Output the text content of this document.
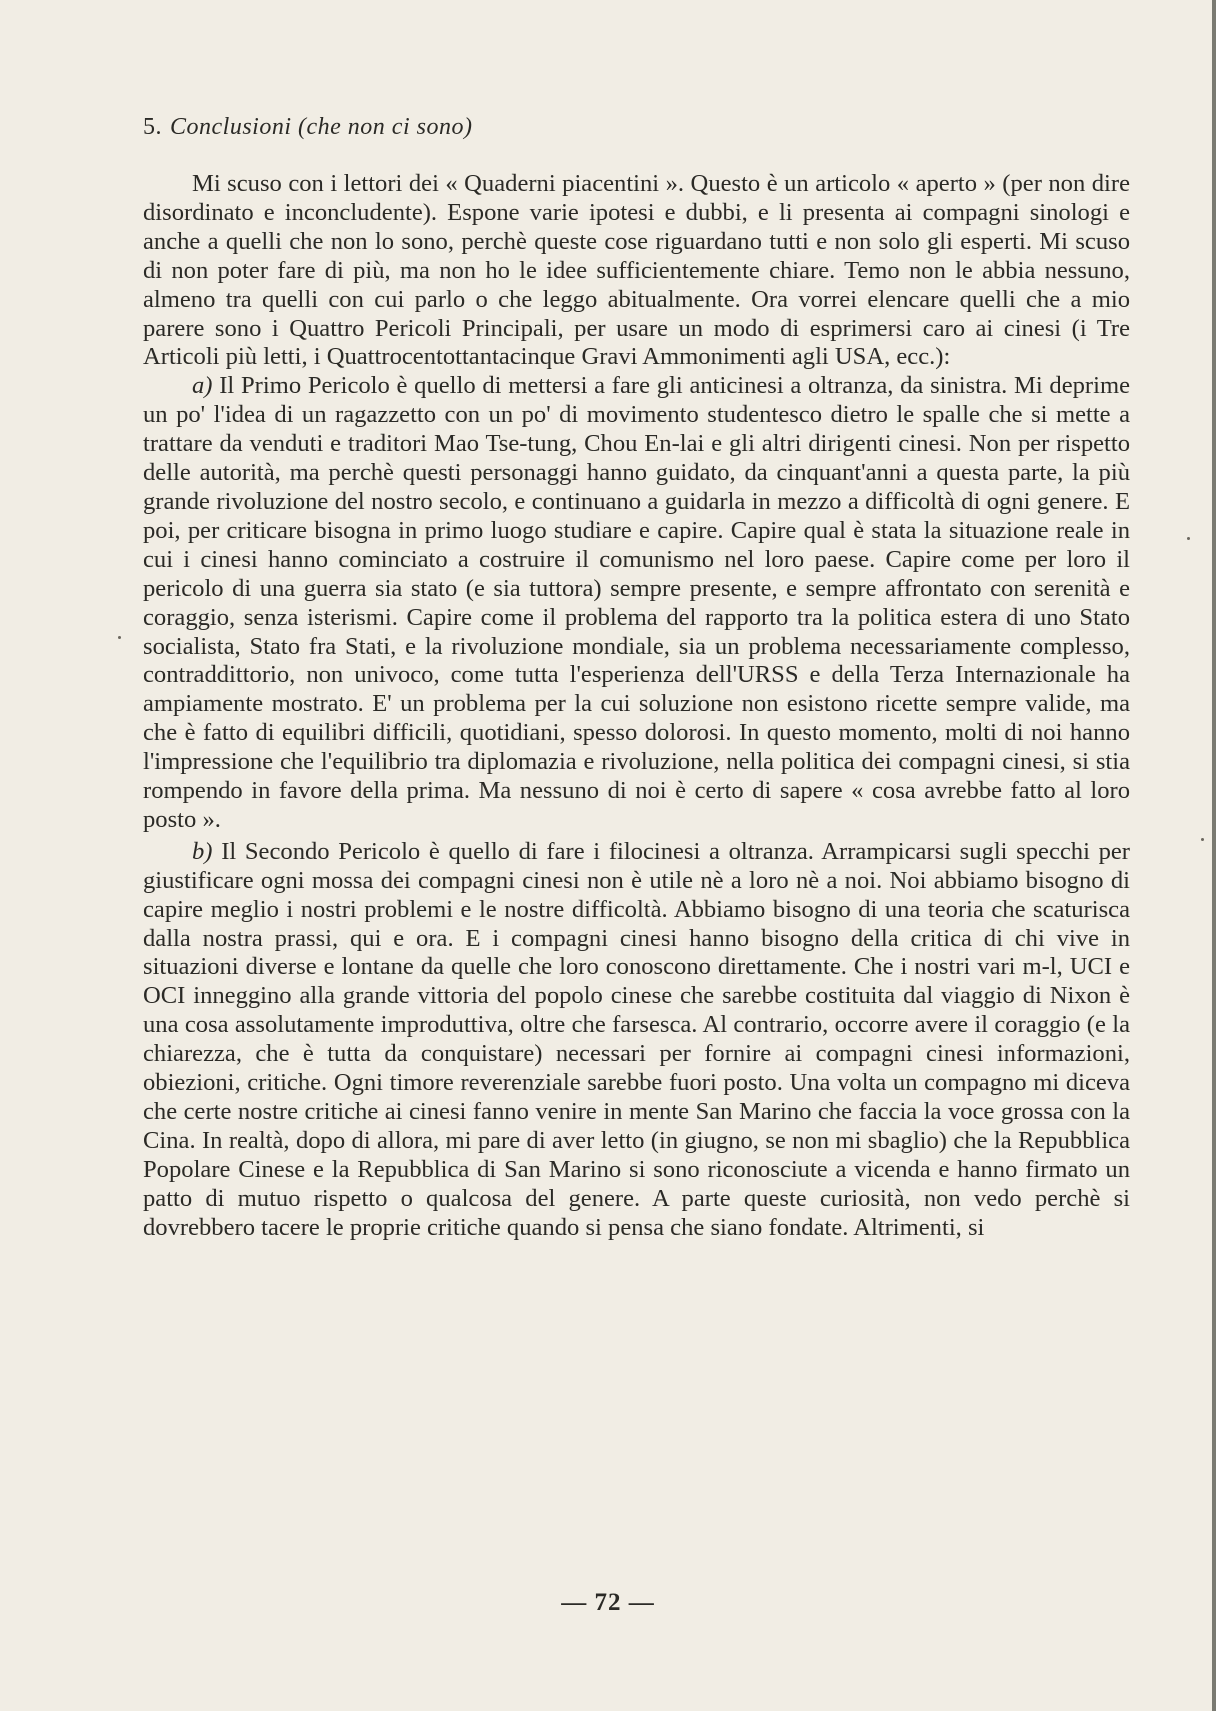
5. Conclusioni (che non ci sono)

Mi scuso con i lettori dei « Quaderni piacentini ». Questo è un articolo « aperto » (per non dire disordinato e inconcludente). Espone varie ipotesi e dubbi, e li presenta ai compagni sinologi e anche a quelli che non lo sono, perchè queste cose riguardano tutti e non solo gli esperti. Mi scuso di non poter fare di più, ma non ho le idee sufficientemente chiare. Temo non le abbia nessuno, almeno tra quelli con cui parlo o che leggo abitualmente. Ora vorrei elencare quelli che a mio parere sono i Quattro Pericoli Principali, per usare un modo di esprimersi caro ai cinesi (i Tre Articoli più letti, i Quattrocentottantacinque Gravi Ammonimenti agli USA, ecc.):

a) Il Primo Pericolo è quello di mettersi a fare gli anticinesi a oltranza, da sinistra. Mi deprime un po' l'idea di un ragazzetto con un po' di movimento studentesco dietro le spalle che si mette a trattare da venduti e traditori Mao Tse-tung, Chou En-lai e gli altri dirigenti cinesi. Non per rispetto delle autorità, ma perchè questi personaggi hanno guidato, da cinquant'anni a questa parte, la più grande rivoluzione del nostro secolo, e continuano a guidarla in mezzo a difficoltà di ogni genere. E poi, per criticare bisogna in primo luogo studiare e capire. Capire qual è stata la situazione reale in cui i cinesi hanno cominciato a costruire il comunismo nel loro paese. Capire come per loro il pericolo di una guerra sia stato (e sia tuttora) sempre presente, e sempre affrontato con serenità e coraggio, senza isterismi. Capire come il problema del rapporto tra la politica estera di uno Stato socialista, Stato fra Stati, e la rivoluzione mondiale, sia un problema necessariamente complesso, contraddittorio, non univoco, come tutta l'esperienza dell'URSS e della Terza Internazionale ha ampiamente mostrato. E' un problema per la cui soluzione non esistono ricette sempre valide, ma che è fatto di equilibri difficili, quotidiani, spesso dolorosi. In questo momento, molti di noi hanno l'impressione che l'equilibrio tra diplomazia e rivoluzione, nella politica dei compagni cinesi, si stia rompendo in favore della prima. Ma nessuno di noi è certo di sapere « cosa avrebbe fatto al loro posto ».

b) Il Secondo Pericolo è quello di fare i filocinesi a oltranza. Arrampicarsi sugli specchi per giustificare ogni mossa dei compagni cinesi non è utile nè a loro nè a noi. Noi abbiamo bisogno di capire meglio i nostri problemi e le nostre difficoltà. Abbiamo bisogno di una teoria che scaturisca dalla nostra prassi, qui e ora. E i compagni cinesi hanno bisogno della critica di chi vive in situazioni diverse e lontane da quelle che loro conoscono direttamente. Che i nostri vari m-l, UCI e OCI inneggino alla grande vittoria del popolo cinese che sarebbe costituita dal viaggio di Nixon è una cosa assolutamente improduttiva, oltre che farsesca. Al contrario, occorre avere il coraggio (e la chiarezza, che è tutta da conquistare) necessari per fornire ai compagni cinesi informazioni, obiezioni, critiche. Ogni timore reverenziale sarebbe fuori posto. Una volta un compagno mi diceva che certe nostre critiche ai cinesi fanno venire in mente San Marino che faccia la voce grossa con la Cina. In realtà, dopo di allora, mi pare di aver letto (in giugno, se non mi sbaglio) che la Repubblica Popolare Cinese e la Repubblica di San Marino si sono riconosciute a vicenda e hanno firmato un patto di mutuo rispetto o qualcosa del genere. A parte queste curiosità, non vedo perchè si dovrebbero tacere le proprie critiche quando si pensa che siano fondate. Altrimenti, si

— 72 —
